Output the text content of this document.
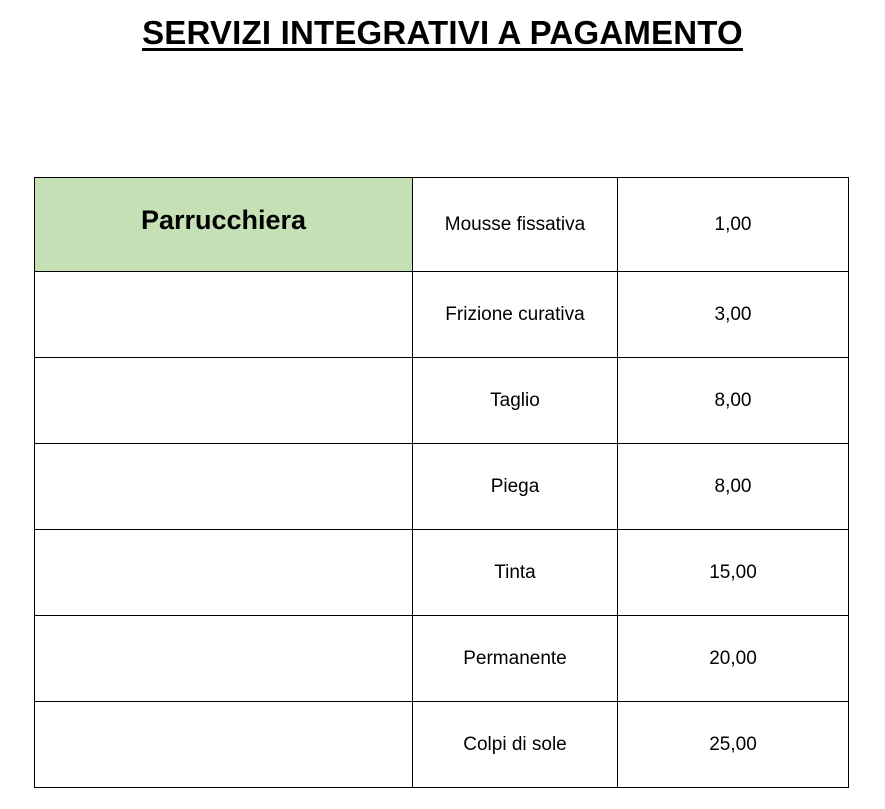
SERVIZI INTEGRATIVI A PAGAMENTO
Parrucchiera	Mousse fissativa	1,00
	Frizione curativa	3,00
	Taglio	8,00
	Piega	8,00
	Tinta	15,00
	Permanente	20,00
	Colpi di sole	25,00
